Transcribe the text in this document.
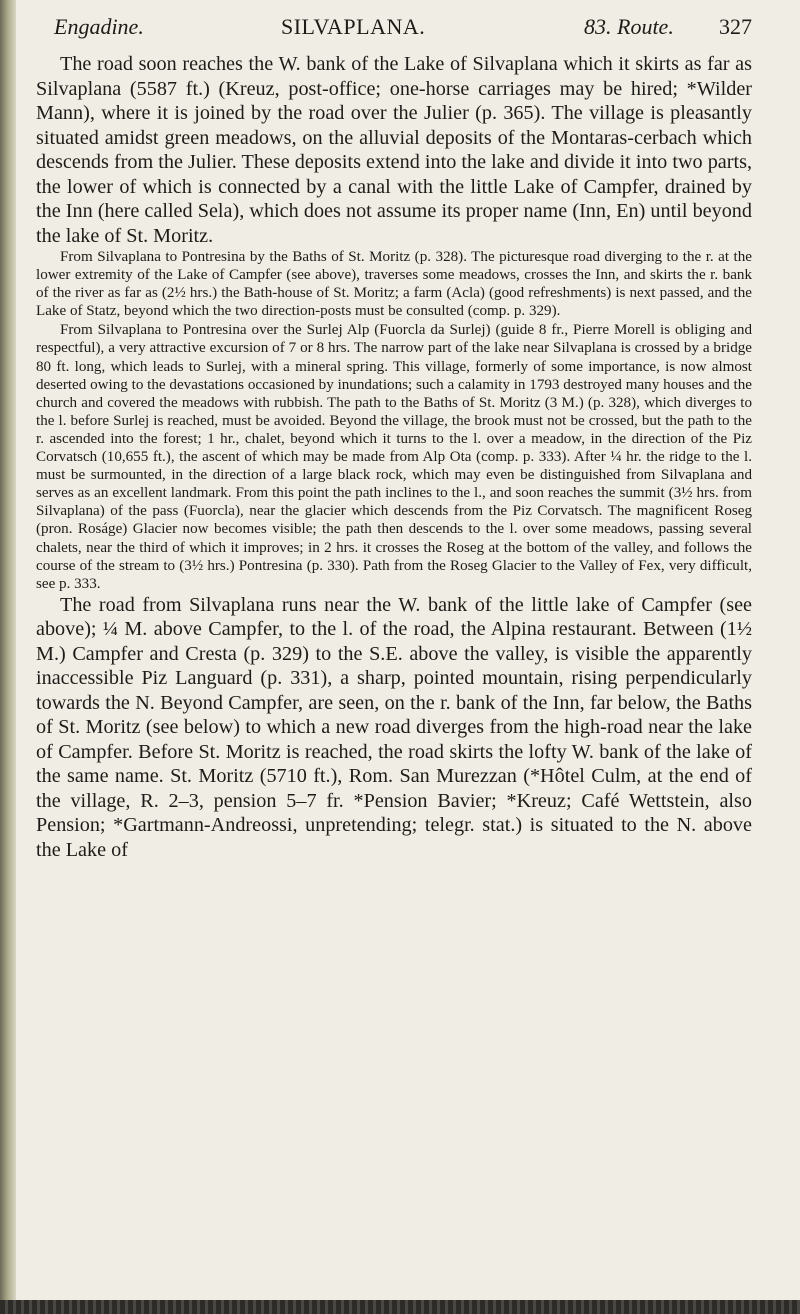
Engadine.	SILVAPLANA.	83. Route. 327

The road soon reaches the W. bank of the Lake of Silvaplana which it skirts as far as Silvaplana (5587 ft.) (Kreuz, post-office; one-horse carriages may be hired; *Wilder Mann), where it is joined by the road over the Julier (p. 365). The village is pleasantly situated amidst green meadows, on the alluvial deposits of the Montaras-cerbach which descends from the Julier. These deposits extend into the lake and divide it into two parts, the lower of which is connected by a canal with the little Lake of Campfer, drained by the Inn (here called Sela), which does not assume its proper name (Inn, En) until beyond the lake of St. Moritz.

From Silvaplana to Pontresina by the Baths of St. Moritz (p. 328). The picturesque road diverging to the r. at the lower extremity of the Lake of Campfer (see above), traverses some meadows, crosses the Inn, and skirts the r. bank of the river as far as (2½ hrs.) the Bath-house of St. Moritz; a farm (Acla) (good refreshments) is next passed, and the Lake of Statz, beyond which the two direction-posts must be consulted (comp. p. 329).

From Silvaplana to Pontresina over the Surlej Alp (Fuorcla da Surlej) (guide 8 fr., Pierre Morell is obliging and respectful), a very attractive excursion of 7 or 8 hrs. The narrow part of the lake near Silvaplana is crossed by a bridge 80 ft. long, which leads to Surlej, with a mineral spring. This village, formerly of some importance, is now almost deserted owing to the devastations occasioned by inundations; such a calamity in 1793 destroyed many houses and the church and covered the meadows with rubbish. The path to the Baths of St. Moritz (3 M.) (p. 328), which diverges to the l. before Surlej is reached, must be avoided. Beyond the village, the brook must not be crossed, but the path to the r. ascended into the forest; 1 hr., chalet, beyond which it turns to the l. over a meadow, in the direction of the Piz Corvatsch (10,655 ft.), the ascent of which may be made from Alp Ota (comp. p. 333). After ¼ hr. the ridge to the l. must be surmounted, in the direction of a large black rock, which may even be distinguished from Silvaplana and serves as an excellent landmark. From this point the path inclines to the l., and soon reaches the summit (3½ hrs. from Silvaplana) of the pass (Fuorcla), near the glacier which descends from the Piz Corvatsch. The magnificent Roseg (pron. Roságe) Glacier now becomes visible; the path then descends to the l. over some meadows, passing several chalets, near the third of which it improves; in 2 hrs. it crosses the Roseg at the bottom of the valley, and follows the course of the stream to (3½ hrs.) Pontresina (p. 330). Path from the Roseg Glacier to the Valley of Fex, very difficult, see p. 333.

The road from Silvaplana runs near the W. bank of the little lake of Campfer (see above); ¼ M. above Campfer, to the l. of the road, the Alpina restaurant. Between (1½ M.) Campfer and Cresta (p. 329) to the S.E. above the valley, is visible the apparently inaccessible Piz Languard (p. 331), a sharp, pointed mountain, rising perpendicularly towards the N. Beyond Campfer, are seen, on the r. bank of the Inn, far below, the Baths of St. Moritz (see below) to which a new road diverges from the high-road near the lake of Campfer. Before St. Moritz is reached, the road skirts the lofty W. bank of the lake of the same name. St. Moritz (5710 ft.), Rom. San Murezzan (*Hôtel Culm, at the end of the village, R. 2–3, pension 5–7 fr. *Pension Bavier; *Kreuz; Café Wettstein, also Pension; *Gartmann-Andreossi, unpretending; telegr. stat.) is situated to the N. above the Lake of
